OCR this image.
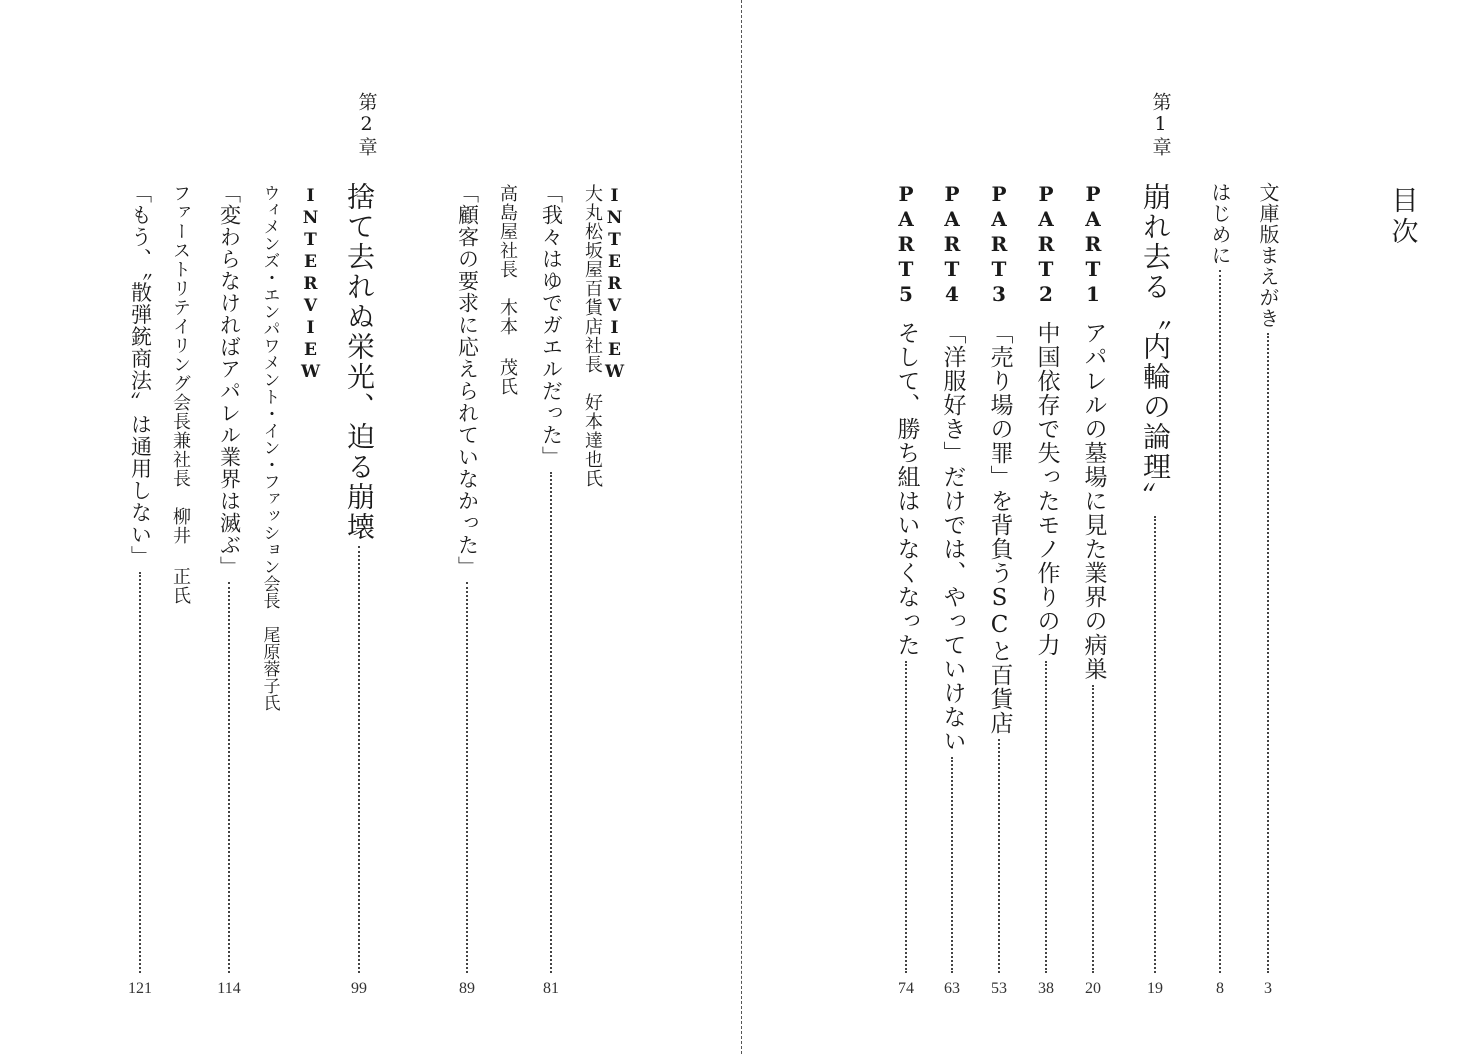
第2章
INTERVIEW
大丸松坂屋百貨店社長　好本達也氏
「我々はゆでガエルだった」
81
高島屋社長　木本 茂氏
「顧客の要求に応えられていなかった」
89
捨て去れぬ栄光、迫る崩壊
99
INTERVIEW
ウィメンズ・エンパワメント・イン・ファッション会長　尾原蓉子氏
「変わらなければアパレル業界は滅ぶ」
114
ファーストリテイリング会長兼社長　柳井 正氏
「もう、〝散弾銃商法〟は通用しない」
121
目次
文庫版まえがき
3
はじめに
8
第1章
崩れ去る〝内輪の論理〟
19
PART1
アパレルの墓場に見た業界の病巣
20
PART2
中国依存で失ったモノ作りの力
38
PART3
「売り場の罪」を背負うSCと百貨店
53
PART4
「洋服好き」だけでは、やっていけない
63
PART5
そして、勝ち組はいなくなった
74
